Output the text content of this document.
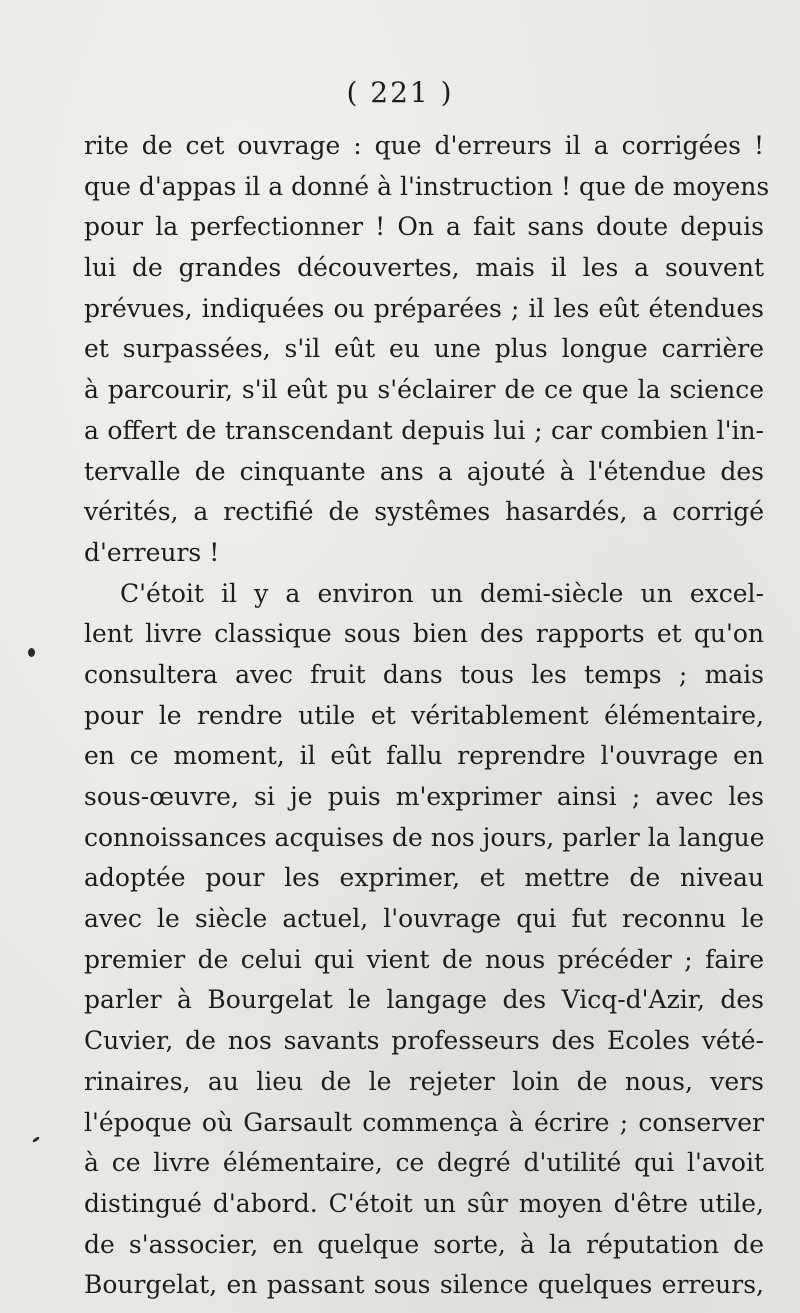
( 221 )
rite de cet ouvrage : que d'erreurs il a corrigées !
que d'appas il a donné à l'instruction ! que de moyens
pour la perfectionner ! On a fait sans doute depuis
lui de grandes découvertes, mais il les a souvent
prévues, indiquées ou préparées ; il les eût étendues
et surpassées, s'il eût eu une plus longue carrière
à parcourir, s'il eût pu s'éclairer de ce que la science
a offert de transcendant depuis lui ; car combien l'in-
tervalle de cinquante ans a ajouté à l'étendue des
vérités, a rectifié de systêmes hasardés, a corrigé
d'erreurs !
C'étoit il y a environ un demi-siècle un excel-
lent livre classique sous bien des rapports et qu'on
consultera avec fruit dans tous les temps ; mais
pour le rendre utile et véritablement élémentaire,
en ce moment, il eût fallu reprendre l'ouvrage en
sous-œuvre, si je puis m'exprimer ainsi ; avec les
connoissances acquises de nos jours, parler la langue
adoptée pour les exprimer, et mettre de niveau
avec le siècle actuel, l'ouvrage qui fut reconnu le
premier de celui qui vient de nous précéder ; faire
parler à Bourgelat le langage des Vicq-d'Azir, des
Cuvier, de nos savants professeurs des Ecoles vété-
rinaires, au lieu de le rejeter loin de nous, vers
l'époque où Garsault commença à écrire ; conserver
à ce livre élémentaire, ce degré d'utilité qui l'avoit
distingué d'abord. C'étoit un sûr moyen d'être utile,
de s'associer, en quelque sorte, à la réputation de
Bourgelat, en passant sous silence quelques erreurs,
